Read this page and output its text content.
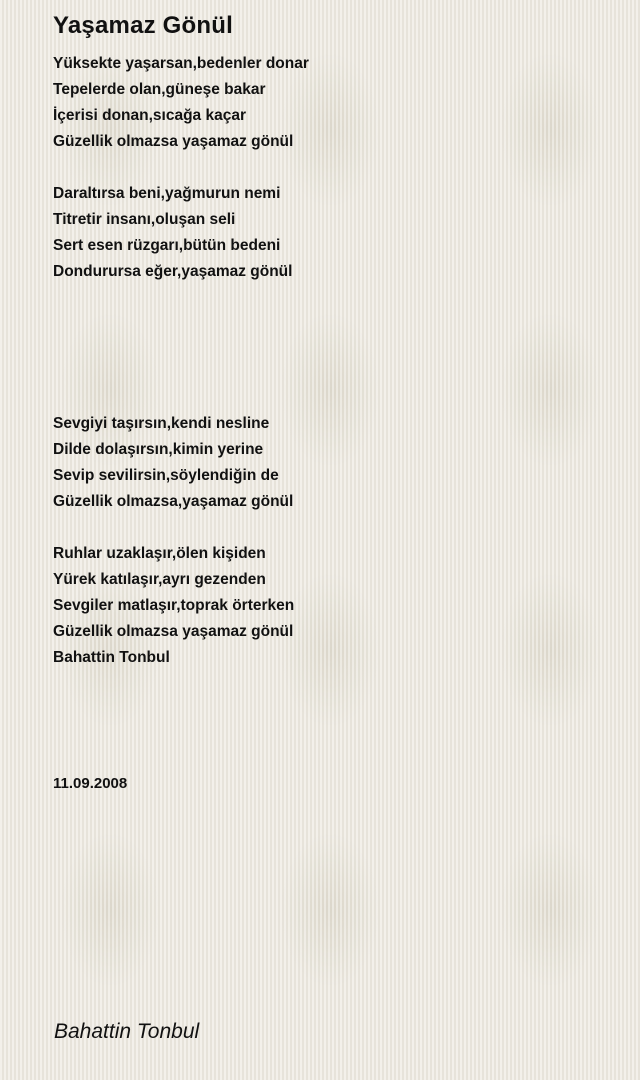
Yaşamaz Gönül
Yüksekte yaşarsan,bedenler donar
Tepelerde olan,güneşe bakar
İçerisi donan,sıcağa kaçar
Güzellik olmazsa yaşamaz gönül
Daraltırsa beni,yağmurun nemi
Titretir insanı,oluşan seli
Sert esen rüzgarı,bütün bedeni
Dondurursa eğer,yaşamaz gönül
Sevgiyi taşırsın,kendi nesline
Dilde dolaşırsın,kimin yerine
Sevip sevilirsin,söylendiğin de
Güzellik olmazsa,yaşamaz gönül
Ruhlar uzaklaşır,ölen kişiden
Yürek katılaşır,ayrı gezenden
Sevgiler matlaşır,toprak örterken
Güzellik olmazsa yaşamaz gönül
Bahattin Tonbul
11.09.2008
Bahattin Tonbul
